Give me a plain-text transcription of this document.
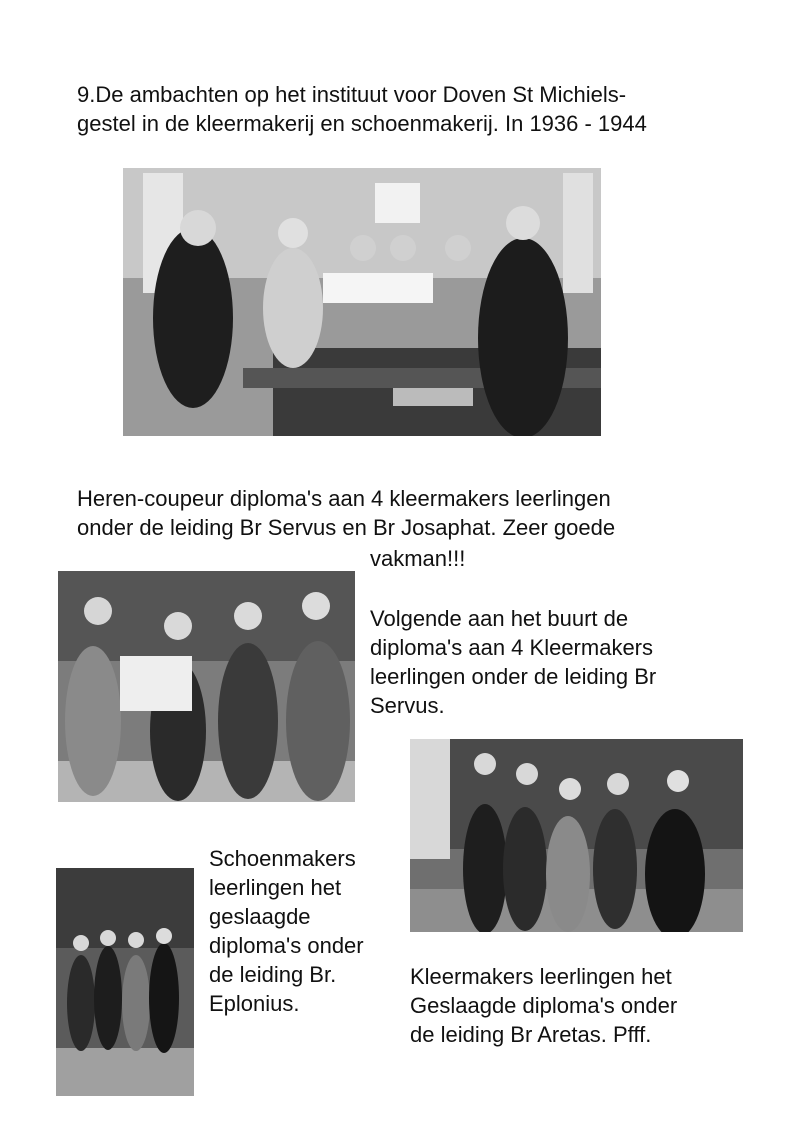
9.De ambachten op het instituut voor Doven St Michiels-
gestel in de kleermakerij en schoenmakerij. In 1936 - 1944
Heren-coupeur diploma's aan 4 kleermakers leerlingen
onder de leiding Br Servus en Br Josaphat. Zeer goede
vakman!!!
Volgende aan het buurt de
diploma's aan 4 Kleermakers
leerlingen onder de leiding Br
Servus.
Schoenmakers
leerlingen het
geslaagde
diploma's onder
de leiding Br.
Eplonius.
Kleermakers leerlingen het
Geslaagde diploma's onder
de leiding Br Aretas. Pfff.
